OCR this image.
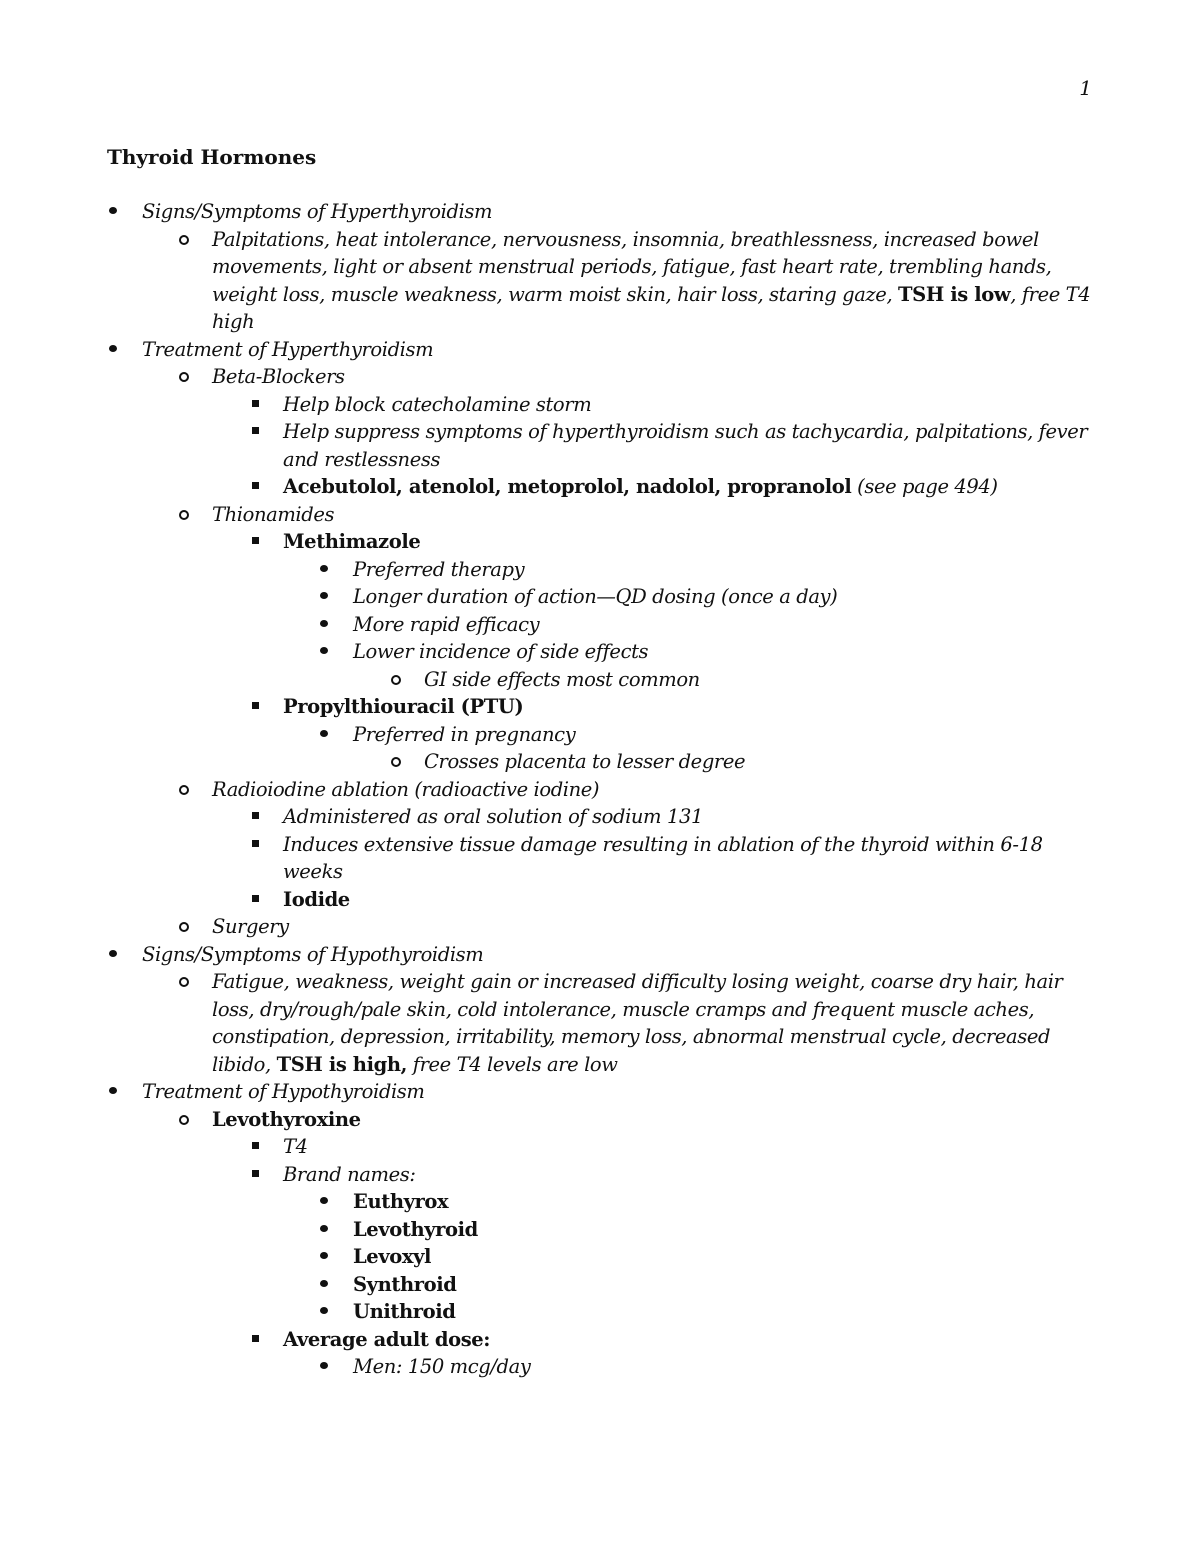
1
Thyroid Hormones
Signs/Symptoms of Hyperthyroidism
Palpitations, heat intolerance, nervousness, insomnia, breathlessness, increased bowel movements, light or absent menstrual periods, fatigue, fast heart rate, trembling hands, weight loss, muscle weakness, warm moist skin, hair loss, staring gaze, TSH is low, free T4 high
Treatment of Hyperthyroidism
Beta-Blockers
Help block catecholamine storm
Help suppress symptoms of hyperthyroidism such as tachycardia, palpitations, fever and restlessness
Acebutolol, atenolol, metoprolol, nadolol, propranolol (see page 494)
Thionamides
Methimazole
Preferred therapy
Longer duration of action—QD dosing (once a day)
More rapid efficacy
Lower incidence of side effects
GI side effects most common
Propylthiouracil (PTU)
Preferred in pregnancy
Crosses placenta to lesser degree
Radioiodine ablation (radioactive iodine)
Administered as oral solution of sodium 131
Induces extensive tissue damage resulting in ablation of the thyroid within 6-18 weeks
Iodide
Surgery
Signs/Symptoms of Hypothyroidism
Fatigue, weakness, weight gain or increased difficulty losing weight, coarse dry hair, hair loss, dry/rough/pale skin, cold intolerance, muscle cramps and frequent muscle aches, constipation, depression, irritability, memory loss, abnormal menstrual cycle, decreased libido, TSH is high, free T4 levels are low
Treatment of Hypothyroidism
Levothyroxine
T4
Brand names:
Euthyrox
Levothyroid
Levoxyl
Synthroid
Unithroid
Average adult dose:
Men: 150 mcg/day
